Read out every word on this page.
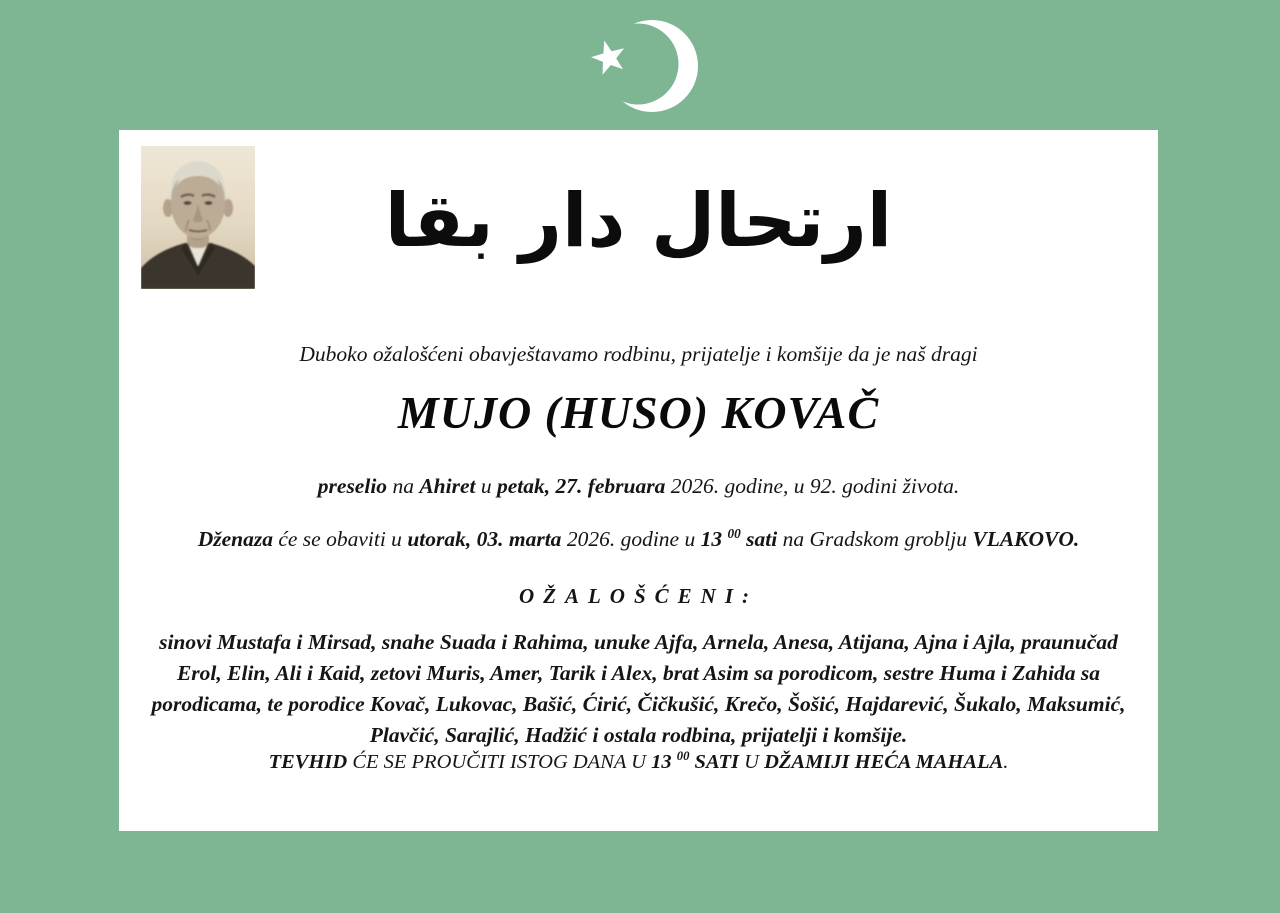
ارتحال دار بقا
Duboko ožalošćeni obavještavamo rodbinu, prijatelje i komšije da je naš dragi
MUJO (HUSO) KOVAČ
preselio na Ahiret u petak, 27. februara 2026. godine, u 92. godini života.
Dženaza će se obaviti u utorak, 03. marta 2026. godine u 13 $^{00}$ sati na Gradskom groblju VLAKOVO.
OŽALOŠĆENI:
sinovi Mustafa i Mirsad, snahe Suada i Rahima, unuke Ajfa, Arnela, Anesa, Atijana, Ajna i Ajla, praunučad Erol, Elin, Ali i Kaid, zetovi Muris, Amer, Tarik i Alex, brat Asim sa porodicom, sestre Huma i Zahida sa porodicama, te porodice Kovač, Lukovac, Bašić, Ćirić, Čičkušić, Krečo, Šošić, Hajdarević, Šukalo, Maksumić, Plavčić, Sarajlić, Hadžić i ostala rodbina, prijatelji i komšije.
TEVHID ĆE SE PROUČITI ISTOG DANA U 13 $^{00}$ SATI U DŽAMIJI HEĆA MAHALA.
